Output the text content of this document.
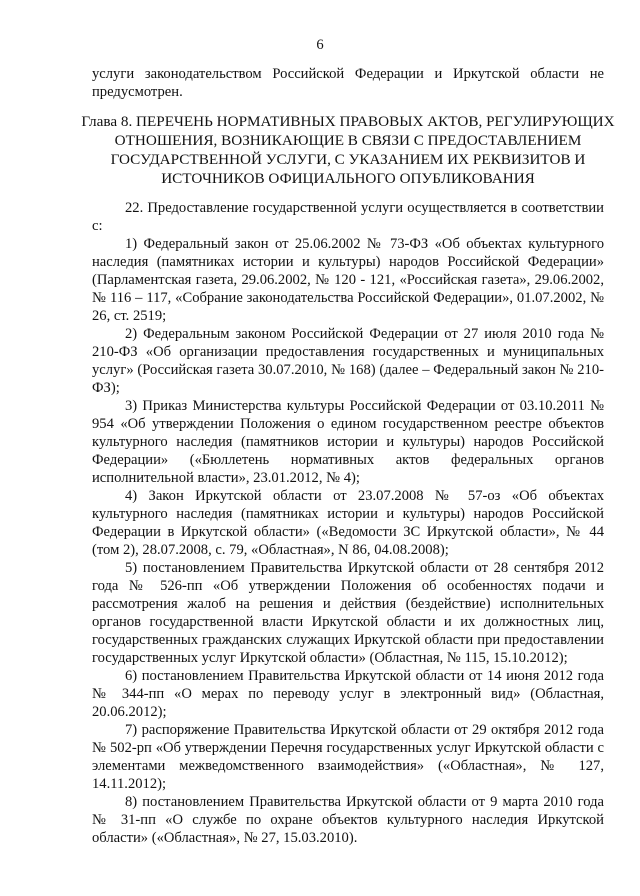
6

услуги законодательством Российской Федерации и Иркутской области не предусмотрен.

Глава 8. ПЕРЕЧЕНЬ НОРМАТИВНЫХ ПРАВОВЫХ АКТОВ, РЕГУЛИРУЮЩИХ ОТНОШЕНИЯ, ВОЗНИКАЮЩИЕ В СВЯЗИ С ПРЕДОСТАВЛЕНИЕМ ГОСУДАРСТВЕННОЙ УСЛУГИ, С УКАЗАНИЕМ ИХ РЕКВИЗИТОВ И ИСТОЧНИКОВ ОФИЦИАЛЬНОГО ОПУБЛИКОВАНИЯ

22. Предоставление государственной услуги осуществляется в соответствии с:

1) Федеральный закон от 25.06.2002 № 73-ФЗ «Об объектах культурного наследия (памятниках истории и культуры) народов Российской Федерации» (Парламентская газета, 29.06.2002, № 120 - 121, «Российская газета», 29.06.2002, № 116 – 117, «Собрание законодательства Российской Федерации», 01.07.2002, № 26, ст. 2519;

2) Федеральным законом Российской Федерации от 27 июля 2010 года № 210-ФЗ «Об организации предоставления государственных и муниципальных услуг» (Российская газета 30.07.2010, № 168) (далее – Федеральный закон № 210-ФЗ);

3) Приказ Министерства культуры Российской Федерации от 03.10.2011 № 954 «Об утверждении Положения о едином государственном реестре объектов культурного наследия (памятников истории и культуры) народов Российской Федерации» («Бюллетень нормативных актов федеральных органов исполнительной власти», 23.01.2012, № 4);

4) Закон Иркутской области от 23.07.2008 № 57-оз «Об объектах культурного наследия (памятниках истории и культуры) народов Российской Федерации в Иркутской области» («Ведомости ЗС Иркутской области», № 44 (том 2), 28.07.2008, с. 79, «Областная», N 86, 04.08.2008);

5) постановлением Правительства Иркутской области от 28 сентября 2012 года № 526-пп «Об утверждении Положения об особенностях подачи и рассмотрения жалоб на решения и действия (бездействие) исполнительных органов государственной власти Иркутской области и их должностных лиц, государственных гражданских служащих Иркутской области при предоставлении государственных услуг Иркутской области» (Областная, № 115, 15.10.2012);

6) постановлением Правительства Иркутской области от 14 июня 2012 года № 344-пп «О мерах по переводу услуг в электронный вид» (Областная, 20.06.2012);

7) распоряжение Правительства Иркутской области от 29 октября 2012 года № 502-рп «Об утверждении Перечня государственных услуг Иркутской области с элементами межведомственного взаимодействия» («Областная», № 127, 14.11.2012);

8) постановлением Правительства Иркутской области от 9 марта 2010 года № 31-пп «О службе по охране объектов культурного наследия Иркутской области» («Областная», № 27, 15.03.2010).
